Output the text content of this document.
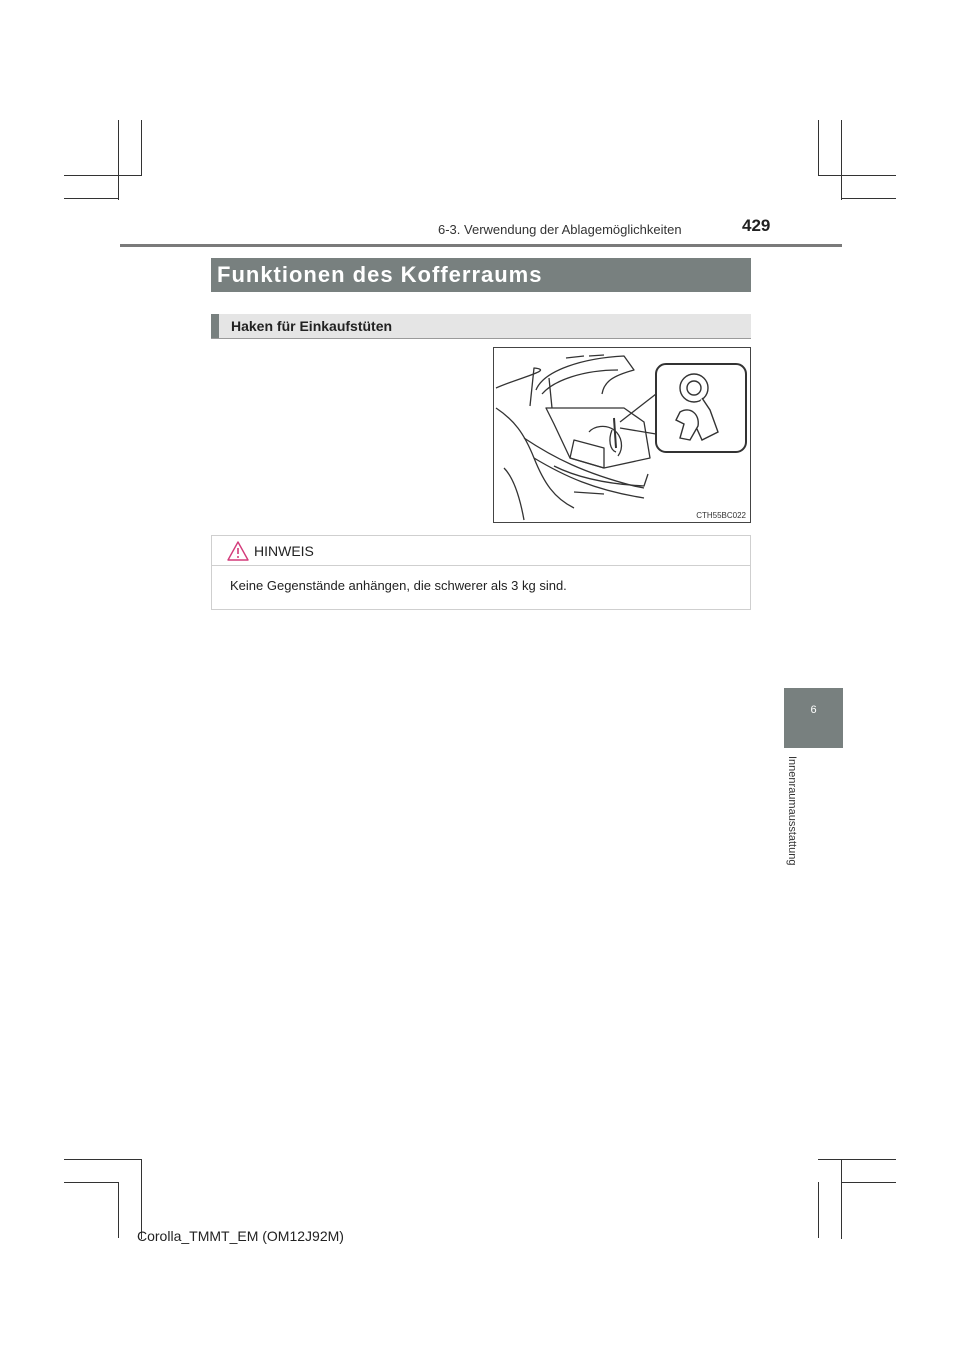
6-3. Verwendung der Ablagemöglichkeiten	429
Funktionen des Kofferraums
Haken für Einkaufstüten
CTH55BC022
HINWEIS
Keine Gegenstände anhängen, die schwerer als 3 kg sind.
6
Innenraumausstattung
Corolla_TMMT_EM (OM12J92M)
